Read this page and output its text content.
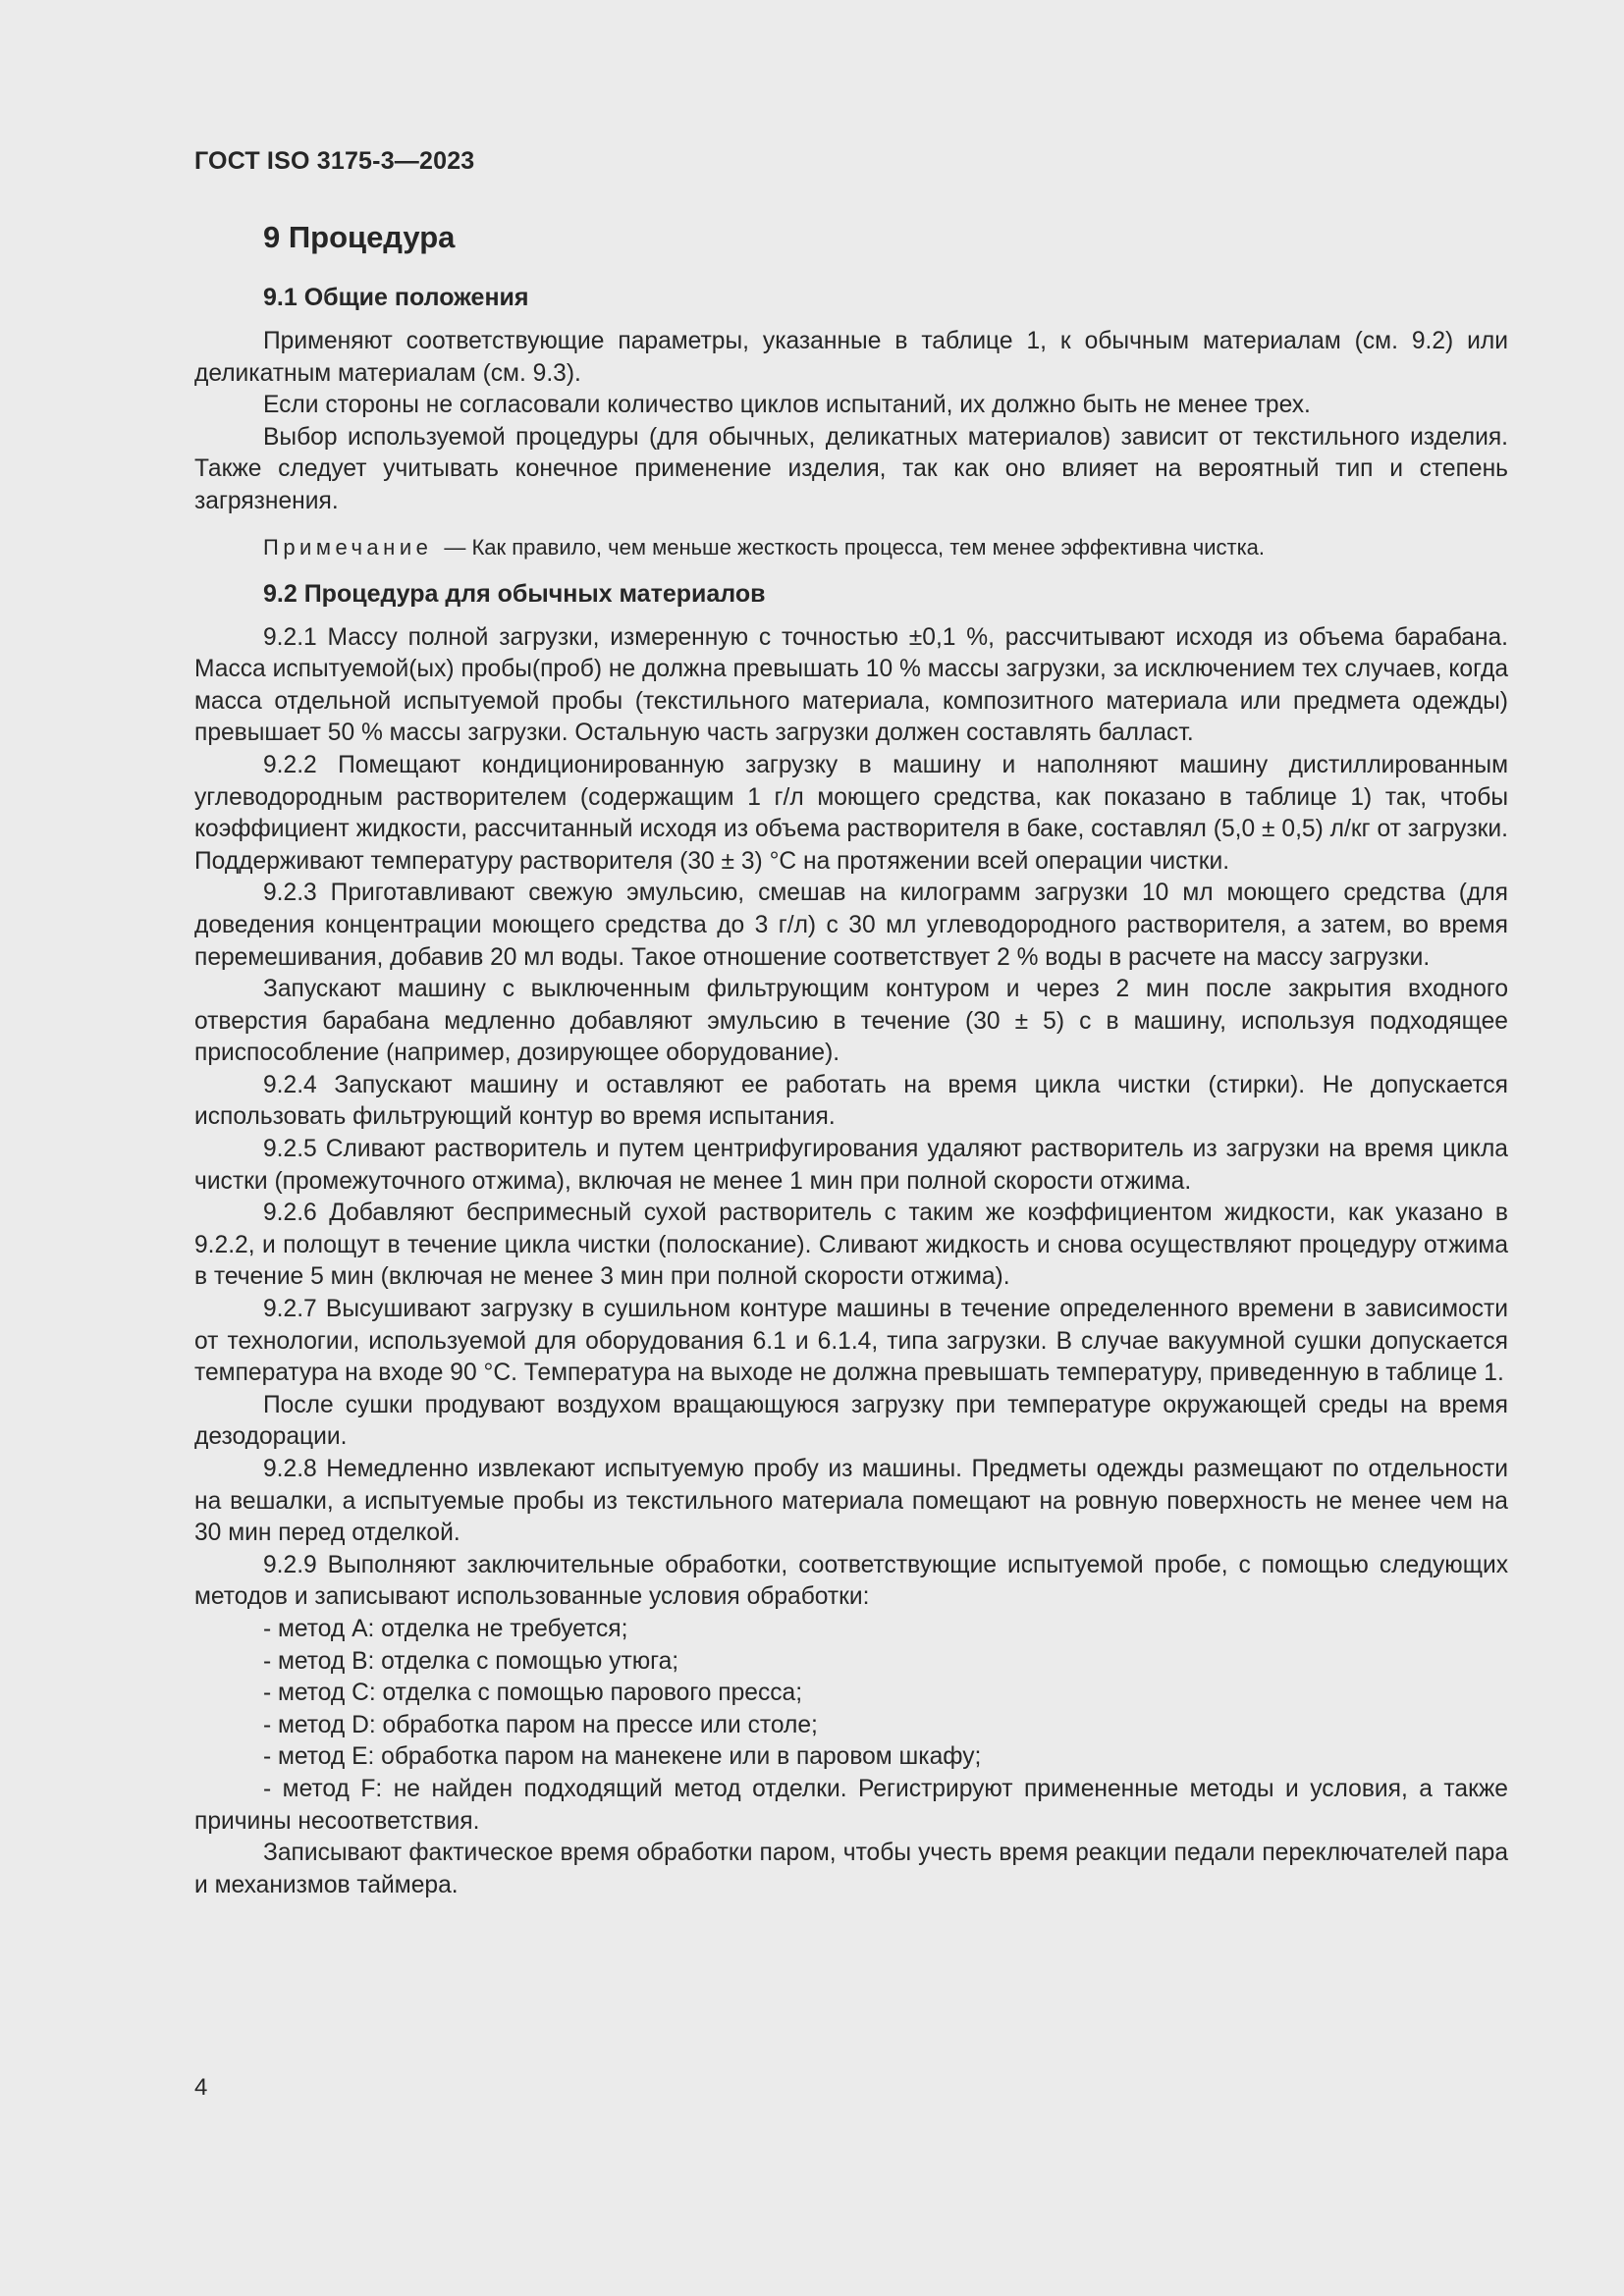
ГОСТ ISO 3175-3—2023
9 Процедура
9.1 Общие положения

Применяют соответствующие параметры, указанные в таблице 1, к обычным материалам (см. 9.2) или деликатным материалам (см. 9.3).

Если стороны не согласовали количество циклов испытаний, их должно быть не менее трех.

Выбор используемой процедуры (для обычных, деликатных материалов) зависит от текстильного изделия. Также следует учитывать конечное применение изделия, так как оно влияет на вероятный тип и степень загрязнения.

Примечание — Как правило, чем меньше жесткость процесса, тем менее эффективна чистка.
9.2 Процедура для обычных материалов

9.2.1 Массу полной загрузки, измеренную с точностью ±0,1 %, рассчитывают исходя из объема барабана. Масса испытуемой(ых) пробы(проб) не должна превышать 10 % массы загрузки, за исключением тех случаев, когда масса отдельной испытуемой пробы (текстильного материала, композитного материала или предмета одежды) превышает 50 % массы загрузки. Остальную часть загрузки должен составлять балласт.

9.2.2 Помещают кондиционированную загрузку в машину и наполняют машину дистиллированным углеводородным растворителем (содержащим 1 г/л моющего средства, как показано в таблице 1) так, чтобы коэффициент жидкости, рассчитанный исходя из объема растворителя в баке, составлял (5,0 ± 0,5) л/кг от загрузки. Поддерживают температуру растворителя (30 ± 3) °С на протяжении всей операции чистки.

9.2.3 Приготавливают свежую эмульсию, смешав на килограмм загрузки 10 мл моющего средства (для доведения концентрации моющего средства до 3 г/л) с 30 мл углеводородного растворителя, а затем, во время перемешивания, добавив 20 мл воды. Такое отношение соответствует 2 % воды в расчете на массу загрузки.

Запускают машину с выключенным фильтрующим контуром и через 2 мин после закрытия входного отверстия барабана медленно добавляют эмульсию в течение (30 ± 5) с в машину, используя подходящее приспособление (например, дозирующее оборудование).

9.2.4 Запускают машину и оставляют ее работать на время цикла чистки (стирки). Не допускается использовать фильтрующий контур во время испытания.

9.2.5 Сливают растворитель и путем центрифугирования удаляют растворитель из загрузки на время цикла чистки (промежуточного отжима), включая не менее 1 мин при полной скорости отжима.

9.2.6 Добавляют беспримесный сухой растворитель с таким же коэффициентом жидкости, как указано в 9.2.2, и полощут в течение цикла чистки (полоскание). Сливают жидкость и снова осуществляют процедуру отжима в течение 5 мин (включая не менее 3 мин при полной скорости отжима).

9.2.7 Высушивают загрузку в сушильном контуре машины в течение определенного времени в зависимости от технологии, используемой для оборудования 6.1 и 6.1.4, типа загрузки. В случае вакуумной сушки допускается температура на входе 90 °С. Температура на выходе не должна превышать температуру, приведенную в таблице 1.

После сушки продувают воздухом вращающуюся загрузку при температуре окружающей среды на время дезодорации.

9.2.8 Немедленно извлекают испытуемую пробу из машины. Предметы одежды размещают по отдельности на вешалки, а испытуемые пробы из текстильного материала помещают на ровную поверхность не менее чем на 30 мин перед отделкой.

9.2.9 Выполняют заключительные обработки, соответствующие испытуемой пробе, с помощью следующих методов и записывают использованные условия обработки:

- метод А: отделка не требуется;

- метод В: отделка с помощью утюга;

- метод С: отделка с помощью парового пресса;

- метод D: обработка паром на прессе или столе;

- метод Е: обработка паром на манекене или в паровом шкафу;

- метод F: не найден подходящий метод отделки. Регистрируют примененные методы и условия, а также причины несоответствия.

Записывают фактическое время обработки паром, чтобы учесть время реакции педали переключателей пара и механизмов таймера.

4
